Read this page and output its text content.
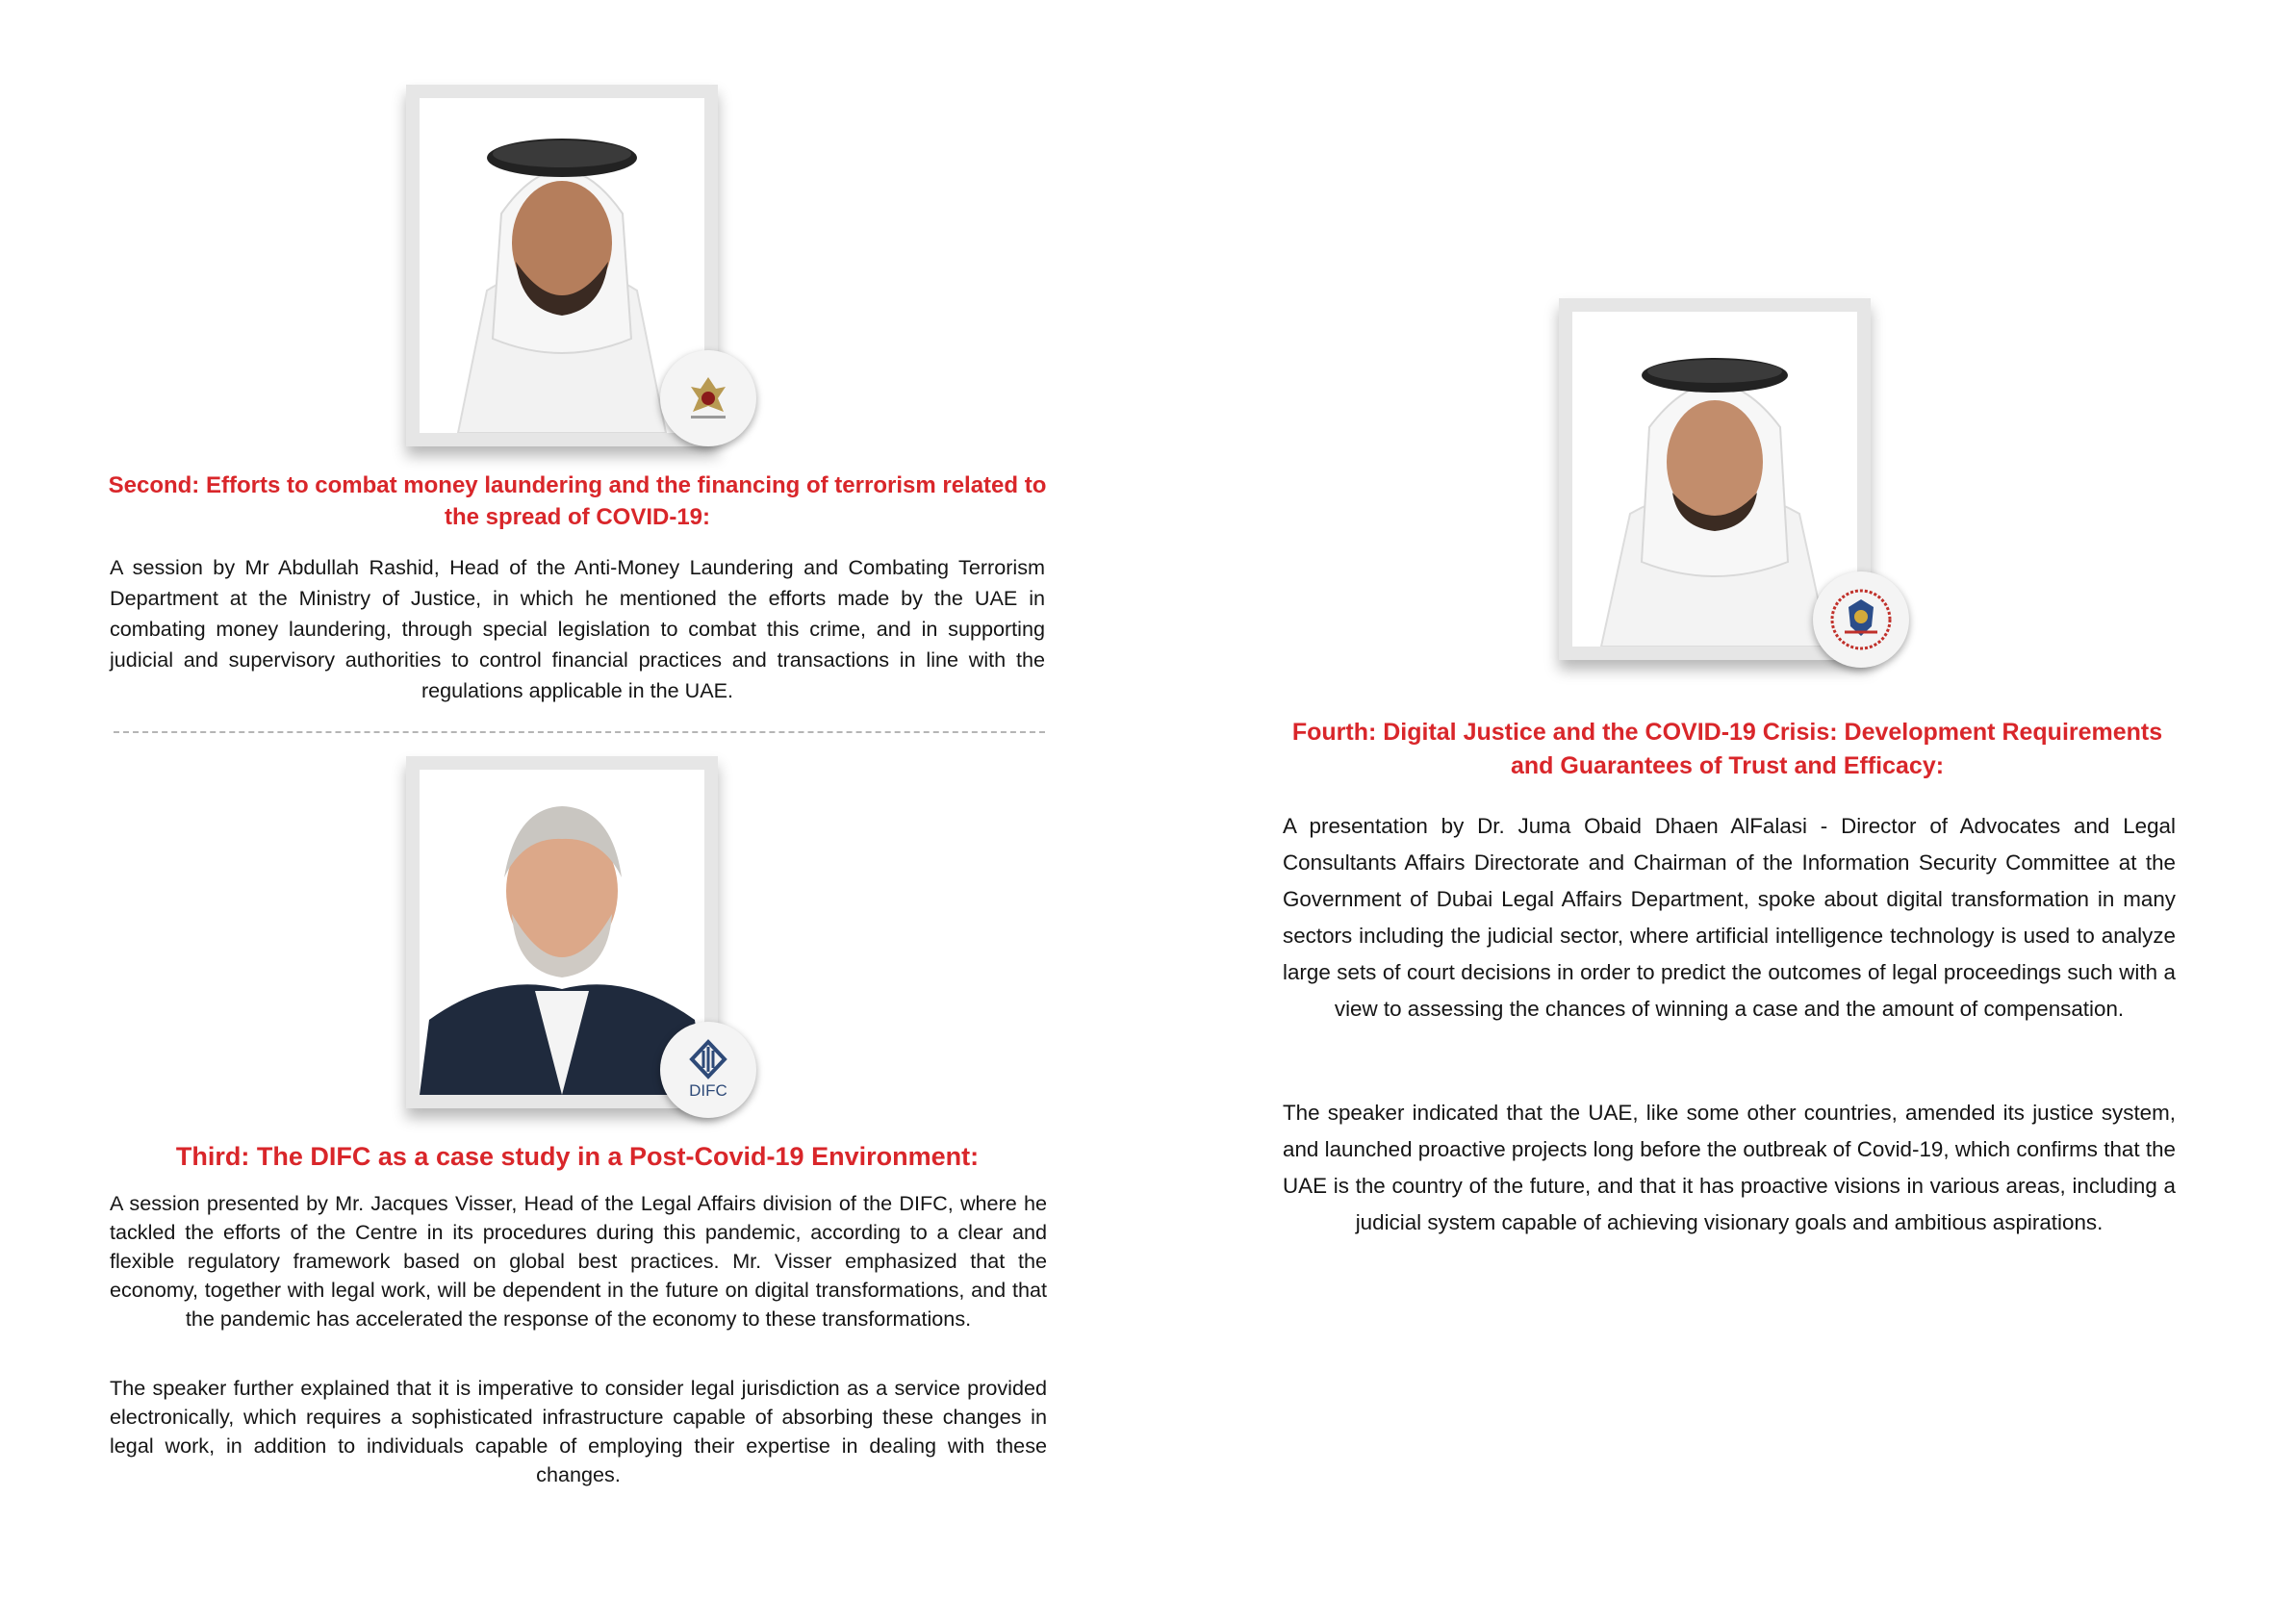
Second: Efforts to combat money laundering and the financing of terrorism related to the spread of COVID-19:

A session by Mr Abdullah Rashid, Head of the Anti-Money Laundering and Combating Terrorism Department at the Ministry of Justice, in which he mentioned the efforts made by the UAE in combating money laundering, through special legislation to combat this crime, and in supporting judicial and supervisory authorities to control financial practices and transactions in line with the regulations applicable in the UAE.

DIFC
Third: The DIFC as a case study in a Post-Covid-19 Environment:

A session presented by Mr. Jacques Visser, Head of the Legal Affairs division of the DIFC, where he tackled the efforts of the Centre in its procedures during this pandemic, according to a clear and flexible regulatory framework based on global best practices. Mr. Visser emphasized that the economy, together with legal work, will be dependent in the future on digital transformations, and that the pandemic has accelerated the response of the economy to these transformations.

The speaker further explained that it is imperative to consider legal jurisdiction as a service provided electronically, which requires a sophisticated infrastructure capable of absorbing these changes in legal work, in addition to individuals capable of employing their expertise in dealing with these changes.

Fourth: Digital Justice and the COVID-19 Crisis: Development Requirements and Guarantees of Trust and Efficacy:

A presentation by Dr. Juma Obaid Dhaen AlFalasi - Director of Advocates and Legal Consultants Affairs Directorate and Chairman of the Information Security Committee at the Government of Dubai Legal Affairs Department, spoke about digital transformation in many sectors including the judicial sector, where artificial intelligence technology is used to analyze large sets of court decisions in order to predict the outcomes of legal proceedings such with a view to assessing the chances of winning a case and the amount of compensation.

The speaker indicated that the UAE, like some other countries, amended its justice system, and launched proactive projects long before the outbreak of Covid-19, which confirms that the UAE is the country of the future, and that it has proactive visions in various areas, including a judicial system capable of achieving visionary goals and ambitious aspirations.
